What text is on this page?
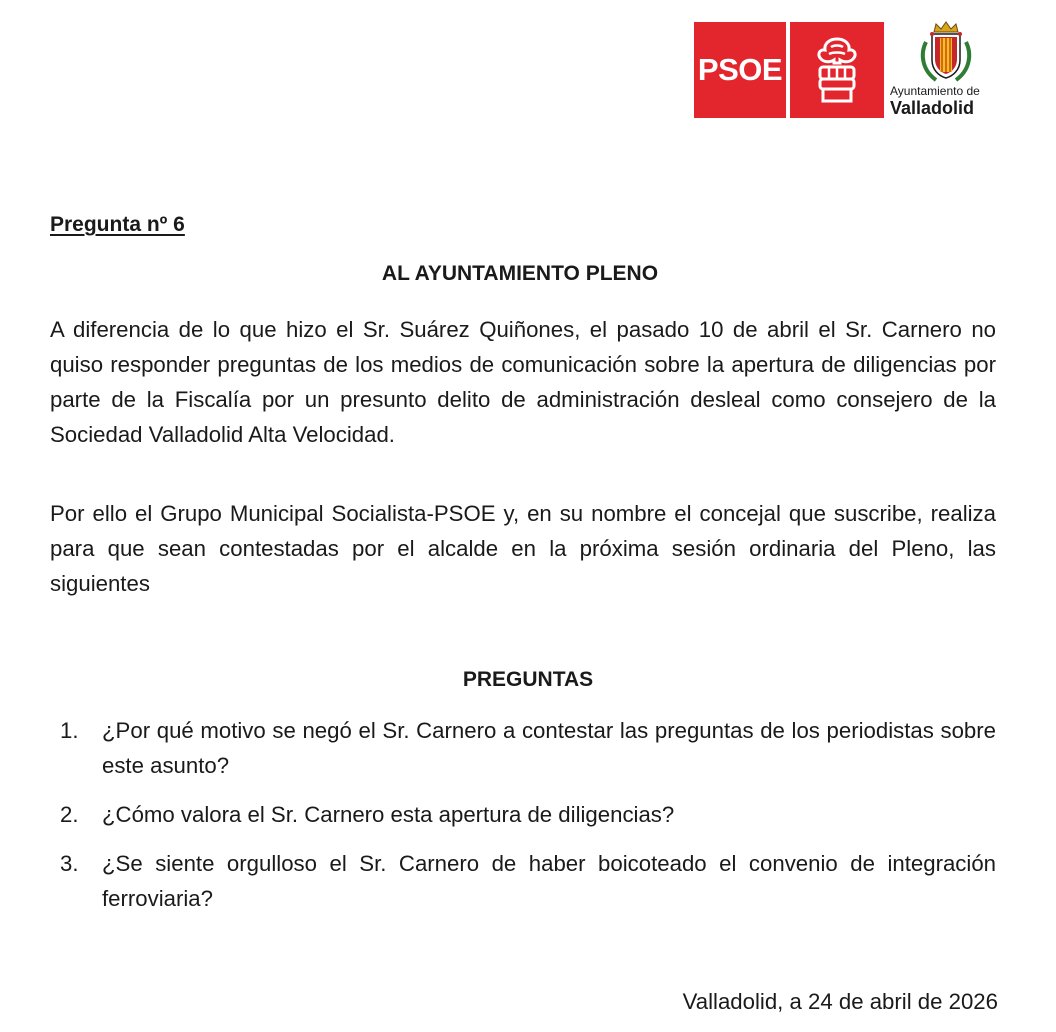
PSOE
Ayuntamiento de
Valladolid
Pregunta nº 6
AL AYUNTAMIENTO PLENO

A diferencia de lo que hizo el Sr. Suárez Quiñones, el pasado 10 de abril el Sr. Carnero no quiso responder preguntas de los medios de comunicación sobre la apertura de diligencias por parte de la Fiscalía por un presunto delito de administración desleal como consejero de la Sociedad Valladolid Alta Velocidad.

Por ello el Grupo Municipal Socialista-PSOE y, en su nombre el concejal que suscribe, realiza para que sean contestadas por el alcalde en la próxima sesión ordinaria del Pleno, las siguientes

PREGUNTAS
1. ¿Por qué motivo se negó el Sr. Carnero a contestar las preguntas de los periodistas sobre este asunto?
2. ¿Cómo valora el Sr. Carnero esta apertura de diligencias?
3. ¿Se siente orgulloso el Sr. Carnero de haber boicoteado el convenio de integración ferroviaria?
Valladolid, a 24 de abril de 2026
